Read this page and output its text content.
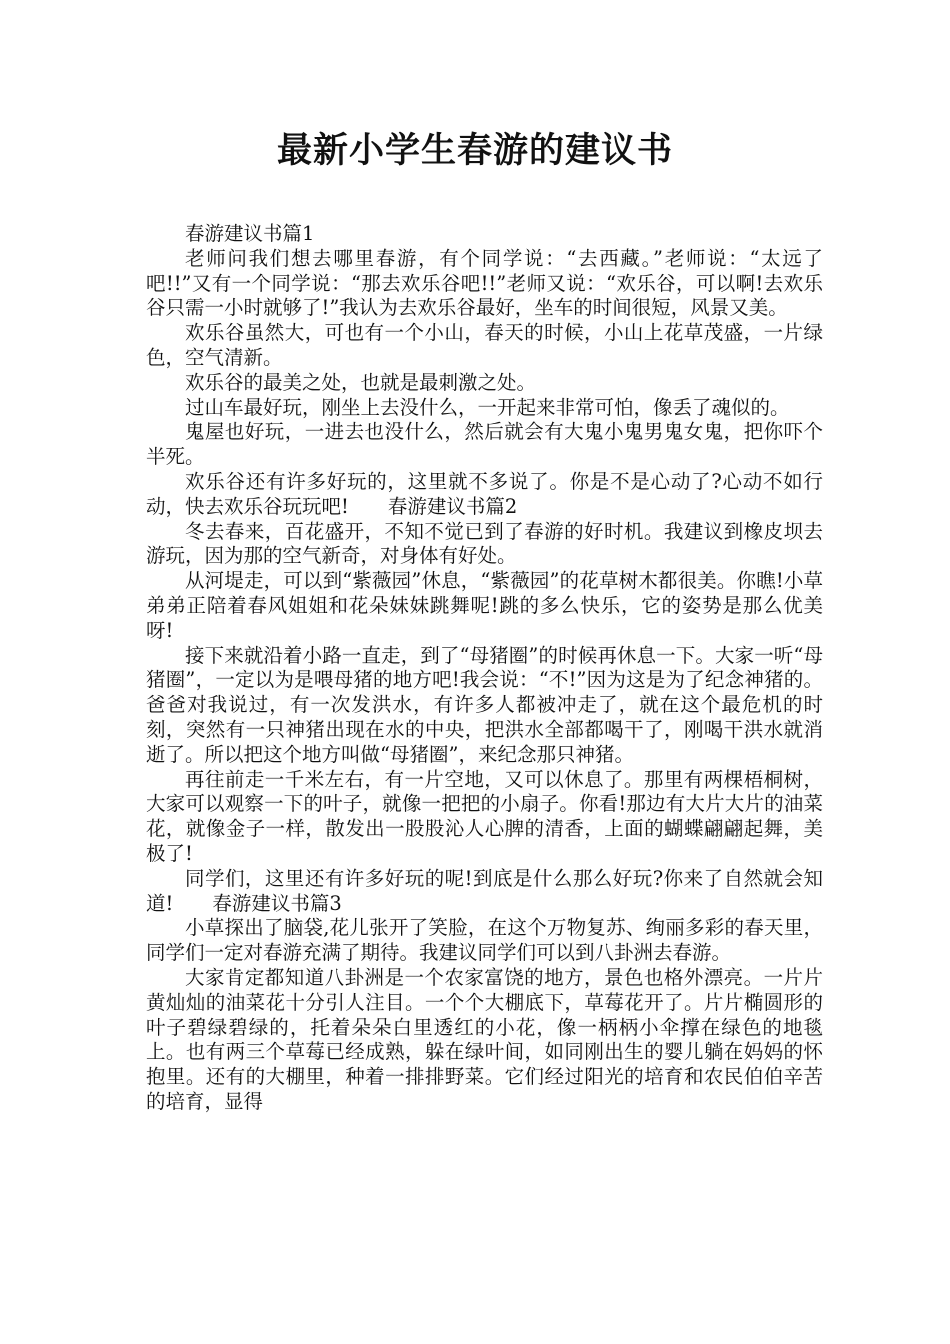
最新小学生春游的建议书

春游建议书篇1

老师问我们想去哪里春游，有个同学说：“去西藏。”老师说：“太远了吧!!”又有一个同学说：“那去欢乐谷吧!!”老师又说：“欢乐谷，可以啊!去欢乐谷只需一小时就够了!”我认为去欢乐谷最好，坐车的时间很短，风景又美。

欢乐谷虽然大，可也有一个小山，春天的时候，小山上花草茂盛，一片绿色，空气清新。

欢乐谷的最美之处，也就是最刺激之处。

过山车最好玩，刚坐上去没什么，一开起来非常可怕，像丢了魂似的。

鬼屋也好玩，一进去也没什么，然后就会有大鬼小鬼男鬼女鬼，把你吓个半死。

欢乐谷还有许多好玩的，这里就不多说了。你是不是心动了?心动不如行动，快去欢乐谷玩玩吧! 春游建议书篇2

冬去春来，百花盛开，不知不觉已到了春游的好时机。我建议到橡皮坝去游玩，因为那的空气新奇，对身体有好处。

从河堤走，可以到“紫薇园”休息，“紫薇园”的花草树木都很美。你瞧!小草弟弟正陪着春风姐姐和花朵妹妹跳舞呢!跳的多么快乐，它的姿势是那么优美呀!

接下来就沿着小路一直走，到了“母猪圈”的时候再休息一下。大家一听“母猪圈”，一定以为是喂母猪的地方吧!我会说：“不!”因为这是为了纪念神猪的。爸爸对我说过，有一次发洪水，有许多人都被冲走了，就在这个最危机的时刻，突然有一只神猪出现在水的中央，把洪水全部都喝干了，刚喝干洪水就消逝了。所以把这个地方叫做“母猪圈”，来纪念那只神猪。

再往前走一千米左右，有一片空地，又可以休息了。那里有两棵梧桐树，大家可以观察一下的叶子，就像一把把的小扇子。你看!那边有大片大片的油菜花，就像金子一样，散发出一股股沁人心脾的清香，上面的蝴蝶翩翩起舞，美极了!

同学们，这里还有许多好玩的呢!到底是什么那么好玩?你来了自然就会知道! 春游建议书篇3

小草探出了脑袋,花儿张开了笑脸，在这个万物复苏、绚丽多彩的春天里，同学们一定对春游充满了期待。我建议同学们可以到八卦洲去春游。

大家肯定都知道八卦洲是一个农家富饶的地方，景色也格外漂亮。一片片黄灿灿的油菜花十分引人注目。一个个大棚底下，草莓花开了。片片椭圆形的叶子碧绿碧绿的，托着朵朵白里透红的小花，像一柄柄小伞撑在绿色的地毯上。也有两三个草莓已经成熟，躲在绿叶间，如同刚出生的婴儿躺在妈妈的怀抱里。还有的大棚里，种着一排排野菜。它们经过阳光的培育和农民伯伯辛苦的培育，显得
